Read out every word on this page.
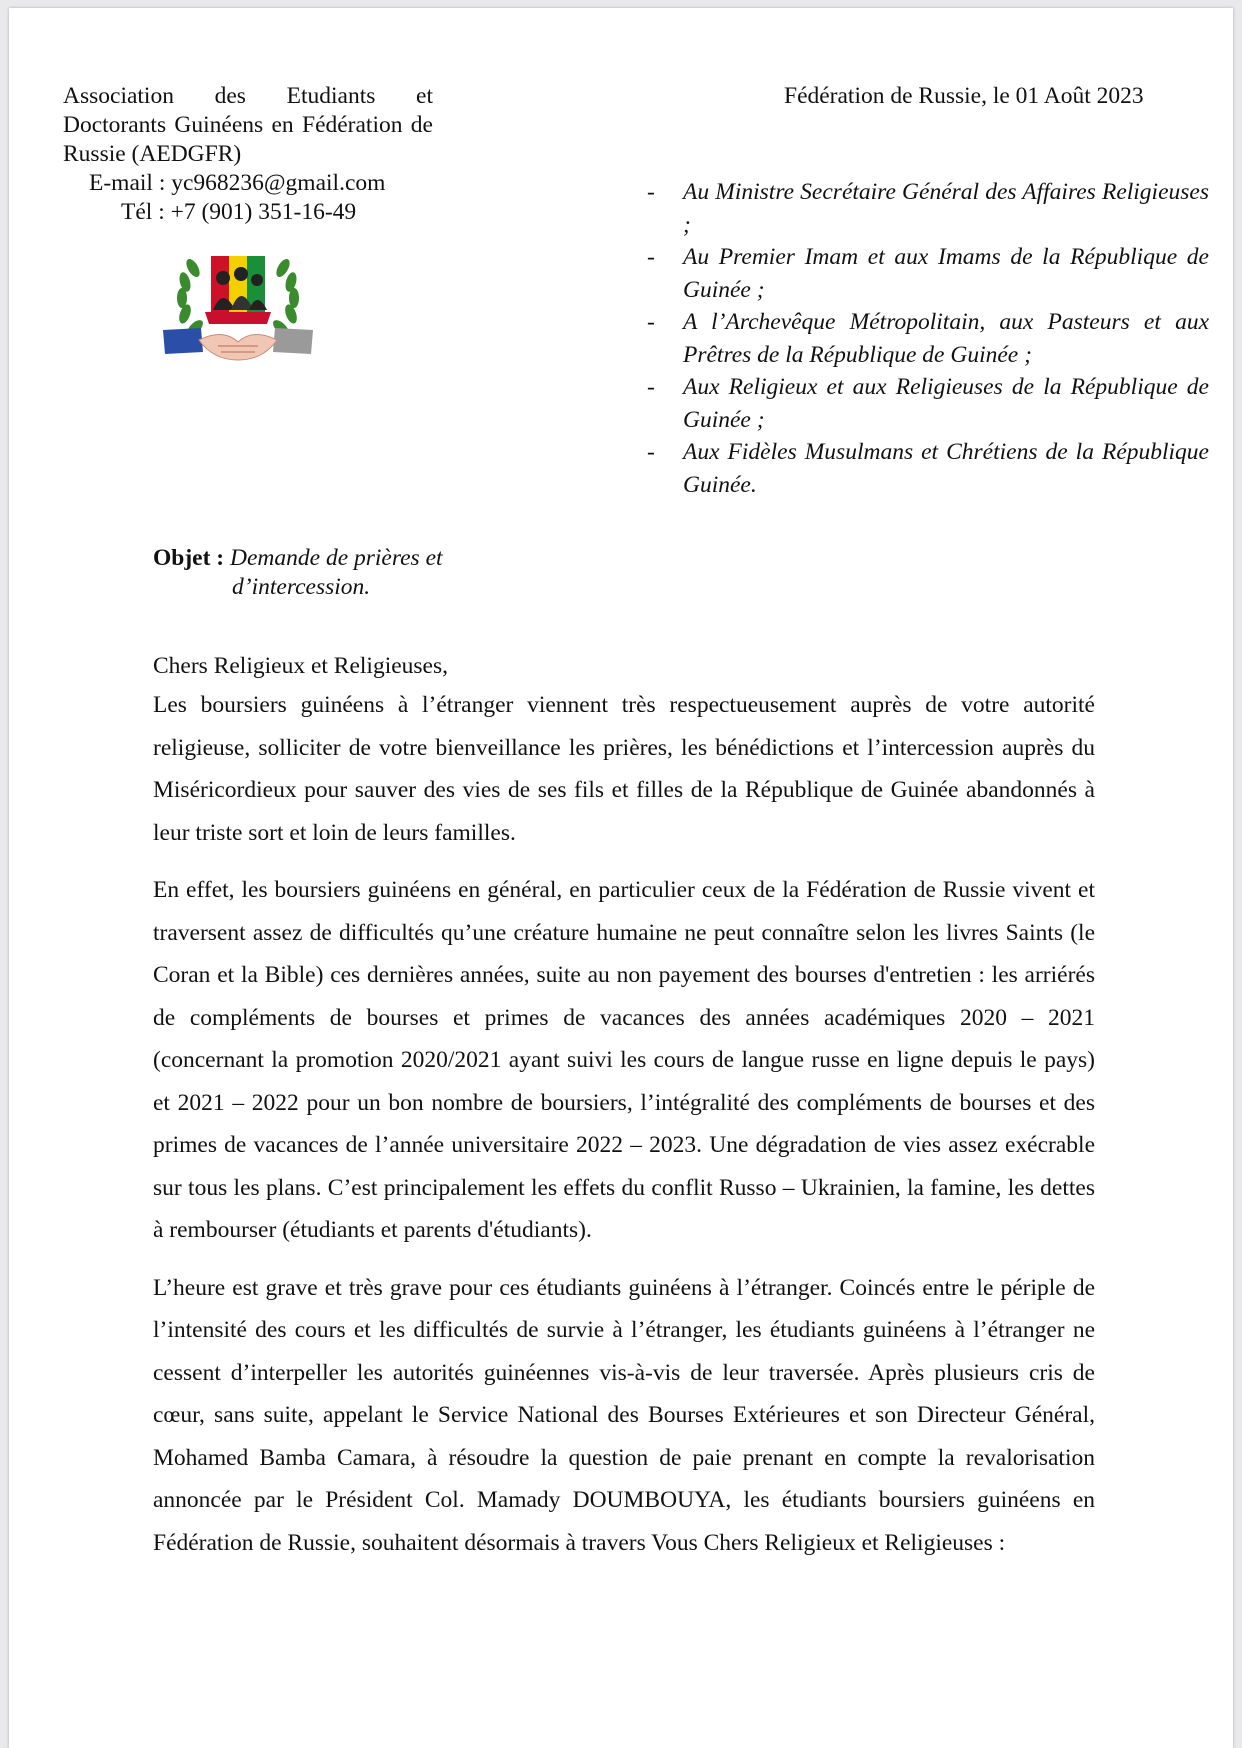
Association des Etudiants et Doctorants Guinéens en Fédération de Russie (AEDGFR)
E-mail : yc968236@gmail.com
Tél : +7 (901) 351-16-49
Fédération de Russie, le 01 Août 2023
- Au Ministre Secrétaire Général des Affaires Religieuses ;
- Au Premier Imam et aux Imams de la République de Guinée ;
- A l’Archevêque Métropolitain, aux Pasteurs et aux Prêtres de la République de Guinée ;
- Aux Religieux et aux Religieuses de la République de Guinée ;
- Aux Fidèles Musulmans et Chrétiens de la République Guinée.
Objet : Demande de prières et
d’intercession.

Chers Religieux et Religieuses,

Les boursiers guinéens à l’étranger viennent très respectueusement auprès de votre autorité religieuse, solliciter de votre bienveillance les prières, les bénédictions et l’intercession auprès du Miséricordieux pour sauver des vies de ses fils et filles de la République de Guinée abandonnés à leur triste sort et loin de leurs familles.

En effet, les boursiers guinéens en général, en particulier ceux de la Fédération de Russie vivent et traversent assez de difficultés qu’une créature humaine ne peut connaître selon les livres Saints (le Coran et la Bible) ces dernières années, suite au non payement des bourses d'entretien : les arriérés de compléments de bourses et primes de vacances des années académiques 2020 – 2021 (concernant la promotion 2020/2021 ayant suivi les cours de langue russe en ligne depuis le pays) et 2021 – 2022 pour un bon nombre de boursiers, l’intégralité des compléments de bourses et des primes de vacances de l’année universitaire 2022 – 2023. Une dégradation de vies assez exécrable sur tous les plans. C’est principalement les effets du conflit Russo – Ukrainien, la famine, les dettes à rembourser (étudiants et parents d'étudiants).

L’heure est grave et très grave pour ces étudiants guinéens à l’étranger. Coincés entre le périple de l’intensité des cours et les difficultés de survie à l’étranger, les étudiants guinéens à l’étranger ne cessent d’interpeller les autorités guinéennes vis-à-vis de leur traversée. Après plusieurs cris de cœur, sans suite, appelant le Service National des Bourses Extérieures et son Directeur Général, Mohamed Bamba Camara, à résoudre la question de paie prenant en compte la revalorisation annoncée par le Président Col. Mamady DOUMBOUYA, les étudiants boursiers guinéens en Fédération de Russie, souhaitent désormais à travers Vous Chers Religieux et Religieuses :
